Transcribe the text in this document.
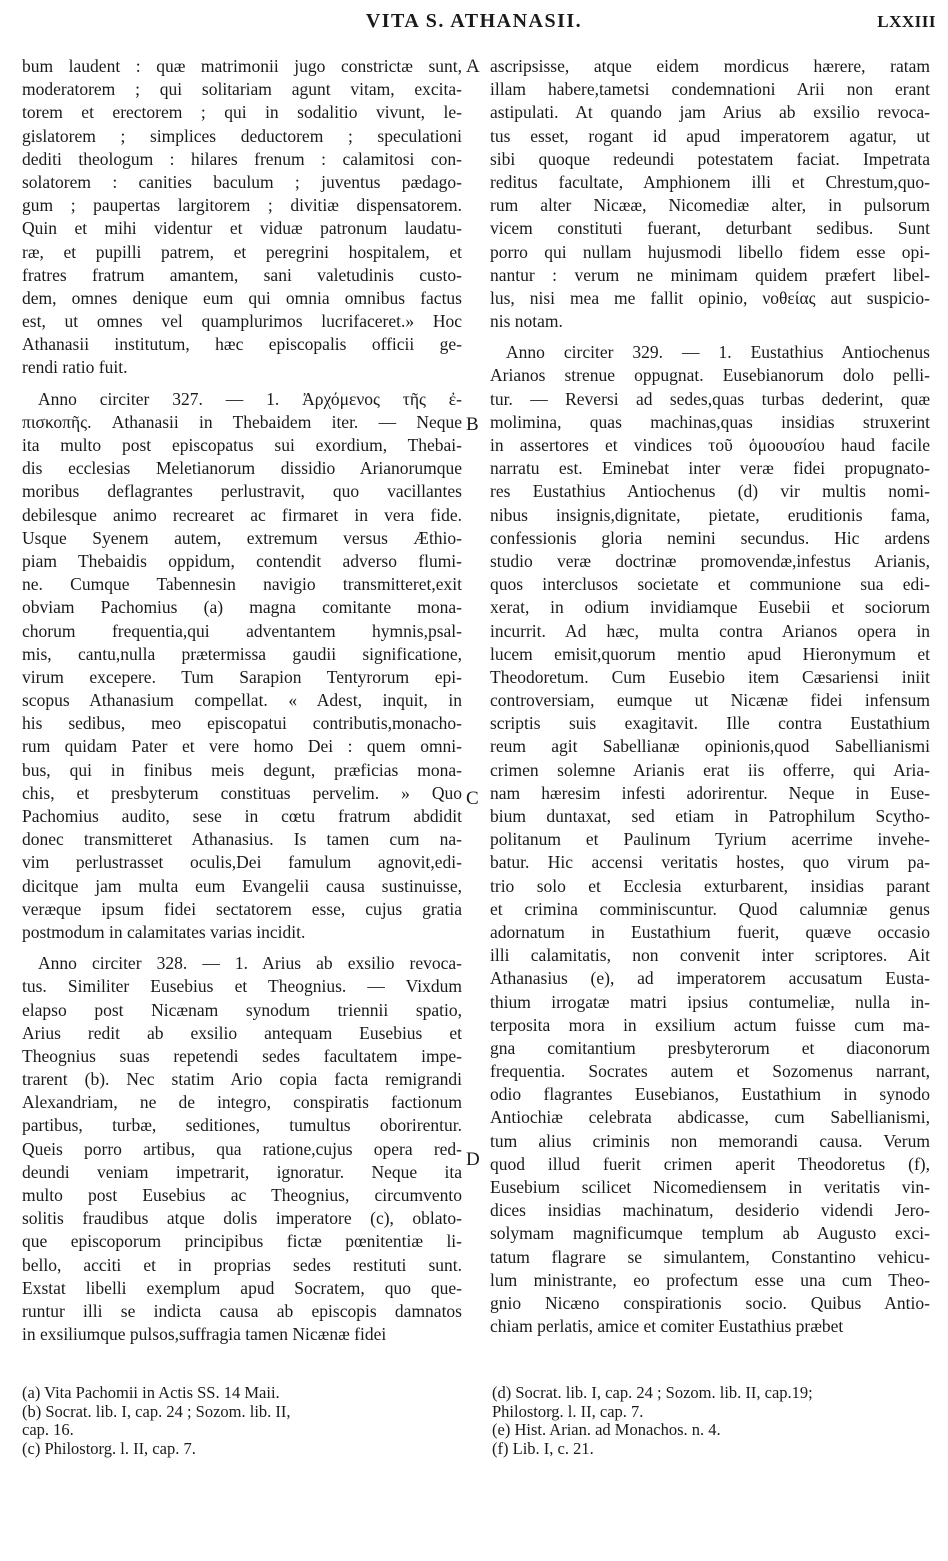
VITA S. ATHANASII.	LXXIII
bum laudent : quæ matrimonii jugo constrictæ sunt,
moderatorem ; qui solitariam agunt vitam, excita-
torem et erectorem ; qui in sodalitio vivunt, le-
gislatorem ; simplices deductorem ; speculationi
dediti theologum : hilares frenum : calamitosi con-
solatorem : canities baculum ; juventus pædago-
gum ; paupertas largitorem ; divitiæ dispensatorem.
Quin et mihi videntur et viduæ patronum laudatu-
ræ, et pupilli patrem, et peregrini hospitalem, et
fratres fratrum amantem, sani valetudinis custo-
dem, omnes denique eum qui omnia omnibus factus
est, ut omnes vel quamplurimos lucrifaceret.» Hoc
Athanasii institutum, hæc episcopalis officii ge-
rendi ratio fuit.
Anno circiter 327. — 1. Ἀρχόμενος τῆς ἐ-
πισκοπῆς. Athanasii in Thebaidem iter. — Neque
ita multo post episcopatus sui exordium, Thebai-
dis ecclesias Meletianorum dissidio Arianorumque
moribus deflagrantes perlustravit, quo vacillantes
debilesque animo recrearet ac firmaret in vera fide.
Usque Syenem autem, extremum versus Æthio-
piam Thebaidis oppidum, contendit adverso flumi-
ne. Cumque Tabennesin navigio transmitteret,exit
obviam Pachomius (a) magna comitante mona-
chorum frequentia,qui adventantem hymnis,psal-
mis, cantu,nulla prætermissa gaudii significatione,
virum excepere. Tum Sarapion Tentyrorum epi-
scopus Athanasium compellat. « Adest, inquit, in
his sedibus, meo episcopatui contributis,monacho-
rum quidam Pater et vere homo Dei : quem omni-
bus, qui in finibus meis degunt, præficias mona-
chis, et presbyterum constituas pervelim. » Quo
Pachomius audito, sese in cœtu fratrum abdidit
donec transmitteret Athanasius. Is tamen cum na-
vim perlustrasset oculis,Dei famulum agnovit,edi-
dicitque jam multa eum Evangelii causa sustinuisse,
veræque ipsum fidei sectatorem esse, cujus gratia
postmodum in calamitates varias incidit.
Anno circiter 328. — 1. Arius ab exsilio revoca-
tus. Similiter Eusebius et Theognius. — Vixdum
elapso post Nicænam synodum triennii spatio,
Arius redit ab exsilio antequam Eusebius et
Theognius suas repetendi sedes facultatem impe-
trarent (b). Nec statim Ario copia facta remigrandi
Alexandriam, ne de integro, conspiratis factionum
partibus, turbæ, seditiones, tumultus oborirentur.
Queis porro artibus, qua ratione,cujus opera red-
deundi veniam impetrarit, ignoratur. Neque ita
multo post Eusebius ac Theognius, circumvento
solitis fraudibus atque dolis imperatore (c), oblato-
que episcoporum principibus fictæ pœnitentiæ li-
bello, acciti et in proprias sedes restituti sunt.
Exstat libelli exemplum apud Socratem, quo que-
runtur illi se indicta causa ab episcopis damnatos
in exsiliumque pulsos,suffragia tamen Nicænæ fidei
ascripsisse, atque eidem mordicus hærere, ratam
illam habere,tametsi condemnationi Arii non erant
astipulati. At quando jam Arius ab exsilio revoca-
tus esset, rogant id apud imperatorem agatur, ut
sibi quoque redeundi potestatem faciat. Impetrata
reditus facultate, Amphionem illi et Chrestum,quo-
rum alter Nicææ, Nicomediæ alter, in pulsorum
vicem constituti fuerant, deturbant sedibus. Sunt
porro qui nullam hujusmodi libello fidem esse opi-
nantur : verum ne minimam quidem præfert libel-
lus, nisi mea me fallit opinio, νοθείας aut suspicio-
nis notam.
Anno circiter 329. — 1. Eustathius Antiochenus
Arianos strenue oppugnat. Eusebianorum dolo pelli-
tur. — Reversi ad sedes,quas turbas dederint, quæ
molimina, quas machinas,quas insidias struxerint
in assertores et vindices τοῦ ὁμοουσίου haud facile
narratu est. Eminebat inter veræ fidei propugnato-
res Eustathius Antiochenus (d) vir multis nomi-
nibus insignis,dignitate, pietate, eruditionis fama,
confessionis gloria nemini secundus. Hic ardens
studio veræ doctrinæ promovendæ,infestus Arianis,
quos interclusos societate et communione sua edi-
xerat, in odium invidiamque Eusebii et sociorum
incurrit. Ad hæc, multa contra Arianos opera in
lucem emisit,quorum mentio apud Hieronymum et
Theodoretum. Cum Eusebio item Cæsariensi iniit
controversiam, eumque ut Nicænæ fidei infensum
scriptis suis exagitavit. Ille contra Eustathium
reum agit Sabellianæ opinionis,quod Sabellianismi
crimen solemne Arianis erat iis offerre, qui Aria-
nam hæresim infesti adorirentur. Neque in Euse-
bium duntaxat, sed etiam in Patrophilum Scytho-
politanum et Paulinum Tyrium acerrime invehe-
batur. Hic accensi veritatis hostes, quo virum pa-
trio solo et Ecclesia exturbarent, insidias parant
et crimina comminiscuntur. Quod calumniæ genus
adornatum in Eustathium fuerit, quæve occasio
illi calamitatis, non convenit inter scriptores. Ait
Athanasius (e), ad imperatorem accusatum Eusta-
thium irrogatæ matri ipsius contumeliæ, nulla in-
terposita mora in exsilium actum fuisse cum ma-
gna comitantium presbyterorum et diaconorum
frequentia. Socrates autem et Sozomenus narrant,
odio flagrantes Eusebianos, Eustathium in synodo
Antiochiæ celebrata abdicasse, cum Sabellianismi,
tum alius criminis non memorandi causa. Verum
quod illud fuerit crimen aperit Theodoretus (f),
Eusebium scilicet Nicomediensem in veritatis vin-
dices insidias machinatum, desiderio videndi Jero-
solymam magnificumque templum ab Augusto exci-
tatum flagrare se simulantem, Constantino vehicu-
lum ministrante, eo profectum esse una cum Theo-
gnio Nicæno conspirationis socio. Quibus Antio-
chiam perlatis, amice et comiter Eustathius præbet
A
B
C
D
(a) Vita Pachomii in Actis SS. 14 Maii.
(b) Socrat. lib. I, cap. 24 ; Sozom. lib. II,
cap. 16.
(c) Philostorg. l. II, cap. 7.
(d) Socrat. lib. I, cap. 24 ; Sozom. lib. II, cap.19;
Philostorg. l. II, cap. 7.
(e) Hist. Arian. ad Monachos. n. 4.
(f) Lib. I, c. 21.
